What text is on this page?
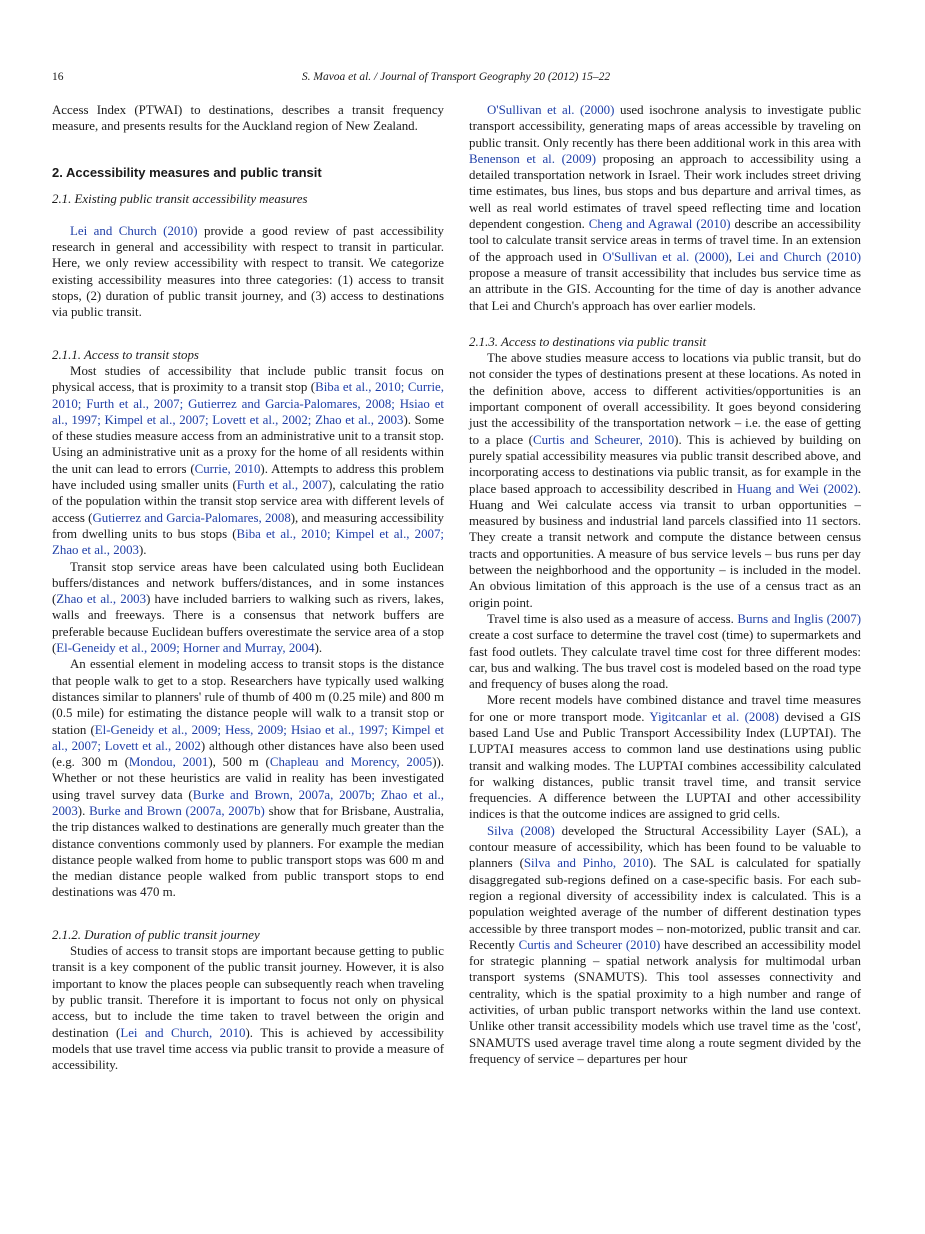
16	S. Mavoa et al. / Journal of Transport Geography 20 (2012) 15–22

Access Index (PTWAI) to destinations, describes a transit frequency measure, and presents results for the Auckland region of New Zealand.

2. Accessibility measures and public transit
2.1. Existing public transit accessibility measures

Lei and Church (2010) provide a good review of past accessibility research in general and accessibility with respect to transit in particular. Here, we only review accessibility with respect to transit. We categorize existing accessibility measures into three categories: (1) access to transit stops, (2) duration of public transit journey, and (3) access to destinations via public transit.

2.1.1. Access to transit stops

Most studies of accessibility that include public transit focus on physical access, that is proximity to a transit stop (Biba et al., 2010; Currie, 2010; Furth et al., 2007; Gutierrez and Garcia-Palomares, 2008; Hsiao et al., 1997; Kimpel et al., 2007; Lovett et al., 2002; Zhao et al., 2003). Some of these studies measure access from an administrative unit to a transit stop. Using an administrative unit as a proxy for the home of all residents within the unit can lead to errors (Currie, 2010). Attempts to address this problem have included using smaller units (Furth et al., 2007), calculating the ratio of the population within the transit stop service area with different levels of access (Gutierrez and Garcia-Palomares, 2008), and measuring accessibility from dwelling units to bus stops (Biba et al., 2010; Kimpel et al., 2007; Zhao et al., 2003).

Transit stop service areas have been calculated using both Euclidean buffers/distances and network buffers/distances, and in some instances (Zhao et al., 2003) have included barriers to walking such as rivers, lakes, walls and freeways. There is a consensus that network buffers are preferable because Euclidean buffers overestimate the service area of a stop (El-Geneidy et al., 2009; Horner and Murray, 2004).

An essential element in modeling access to transit stops is the distance that people walk to get to a stop. Researchers have typically used walking distances similar to planners' rule of thumb of 400 m (0.25 mile) and 800 m (0.5 mile) for estimating the distance people will walk to a transit stop or station (El-Geneidy et al., 2009; Hess, 2009; Hsiao et al., 1997; Kimpel et al., 2007; Lovett et al., 2002) although other distances have also been used (e.g. 300 m (Mondou, 2001), 500 m (Chapleau and Morency, 2005)). Whether or not these heuristics are valid in reality has been investigated using travel survey data (Burke and Brown, 2007a, 2007b; Zhao et al., 2003). Burke and Brown (2007a, 2007b) show that for Brisbane, Australia, the trip distances walked to destinations are generally much greater than the distance conventions commonly used by planners. For example the median distance people walked from home to public transport stops was 600 m and the median distance people walked from public transport stops to end destinations was 470 m.

2.1.2. Duration of public transit journey

Studies of access to transit stops are important because getting to public transit is a key component of the public transit journey. However, it is also important to know the places people can subsequently reach when traveling by public transit. Therefore it is important to focus not only on physical access, but to include the time taken to travel between the origin and destination (Lei and Church, 2010). This is achieved by accessibility models that use travel time access via public transit to provide a measure of accessibility.

O'Sullivan et al. (2000) used isochrone analysis to investigate public transport accessibility, generating maps of areas accessible by traveling on public transit. Only recently has there been additional work in this area with Benenson et al. (2009) proposing an approach to accessibility using a detailed transportation network in Israel. Their work includes street driving time estimates, bus lines, bus stops and bus departure and arrival times, as well as real world estimates of travel speed reflecting time and location dependent congestion. Cheng and Agrawal (2010) describe an accessibility tool to calculate transit service areas in terms of travel time. In an extension of the approach used in O'Sullivan et al. (2000), Lei and Church (2010) propose a measure of transit accessibility that includes bus service time as an attribute in the GIS. Accounting for the time of day is another advance that Lei and Church's approach has over earlier models.

2.1.3. Access to destinations via public transit

The above studies measure access to locations via public transit, but do not consider the types of destinations present at these locations. As noted in the definition above, access to different activities/opportunities is an important component of overall accessibility. It goes beyond considering just the accessibility of the transportation network – i.e. the ease of getting to a place (Curtis and Scheurer, 2010). This is achieved by building on purely spatial accessibility measures via public transit described above, and incorporating access to destinations via public transit, as for example in the place based approach to accessibility described in Huang and Wei (2002). Huang and Wei calculate access via transit to urban opportunities – measured by business and industrial land parcels classified into 11 sectors. They create a transit network and compute the distance between census tracts and opportunities. A measure of bus service levels – bus runs per day between the neighborhood and the opportunity – is included in the model. An obvious limitation of this approach is the use of a census tract as an origin point.

Travel time is also used as a measure of access. Burns and Inglis (2007) create a cost surface to determine the travel cost (time) to supermarkets and fast food outlets. They calculate travel time cost for three different modes: car, bus and walking. The bus travel cost is modeled based on the road type and frequency of buses along the road.

More recent models have combined distance and travel time measures for one or more transport mode. Yigitcanlar et al. (2008) devised a GIS based Land Use and Public Transport Accessibility Index (LUPTAI). The LUPTAI measures access to common land use destinations using public transit and walking modes. The LUPTAI combines accessibility calculated for walking distances, public transit travel time, and transit service frequencies. A difference between the LUPTAI and other accessibility indices is that the outcome indices are assigned to grid cells.

Silva (2008) developed the Structural Accessibility Layer (SAL), a contour measure of accessibility, which has been found to be valuable to planners (Silva and Pinho, 2010). The SAL is calculated for spatially disaggregated sub-regions defined on a case-specific basis. For each sub-region a regional diversity of accessibility index is calculated. This is a population weighted average of the number of different destination types accessible by three transport modes – non-motorized, public transit and car. Recently Curtis and Scheurer (2010) have described an accessibility model for strategic planning – spatial network analysis for multimodal urban transport systems (SNAMUTS). This tool assesses connectivity and centrality, which is the spatial proximity to a high number and range of activities, of urban public transport networks within the land use context. Unlike other transit accessibility models which use travel time as the 'cost', SNAMUTS used average travel time along a route segment divided by the frequency of service – departures per hour
